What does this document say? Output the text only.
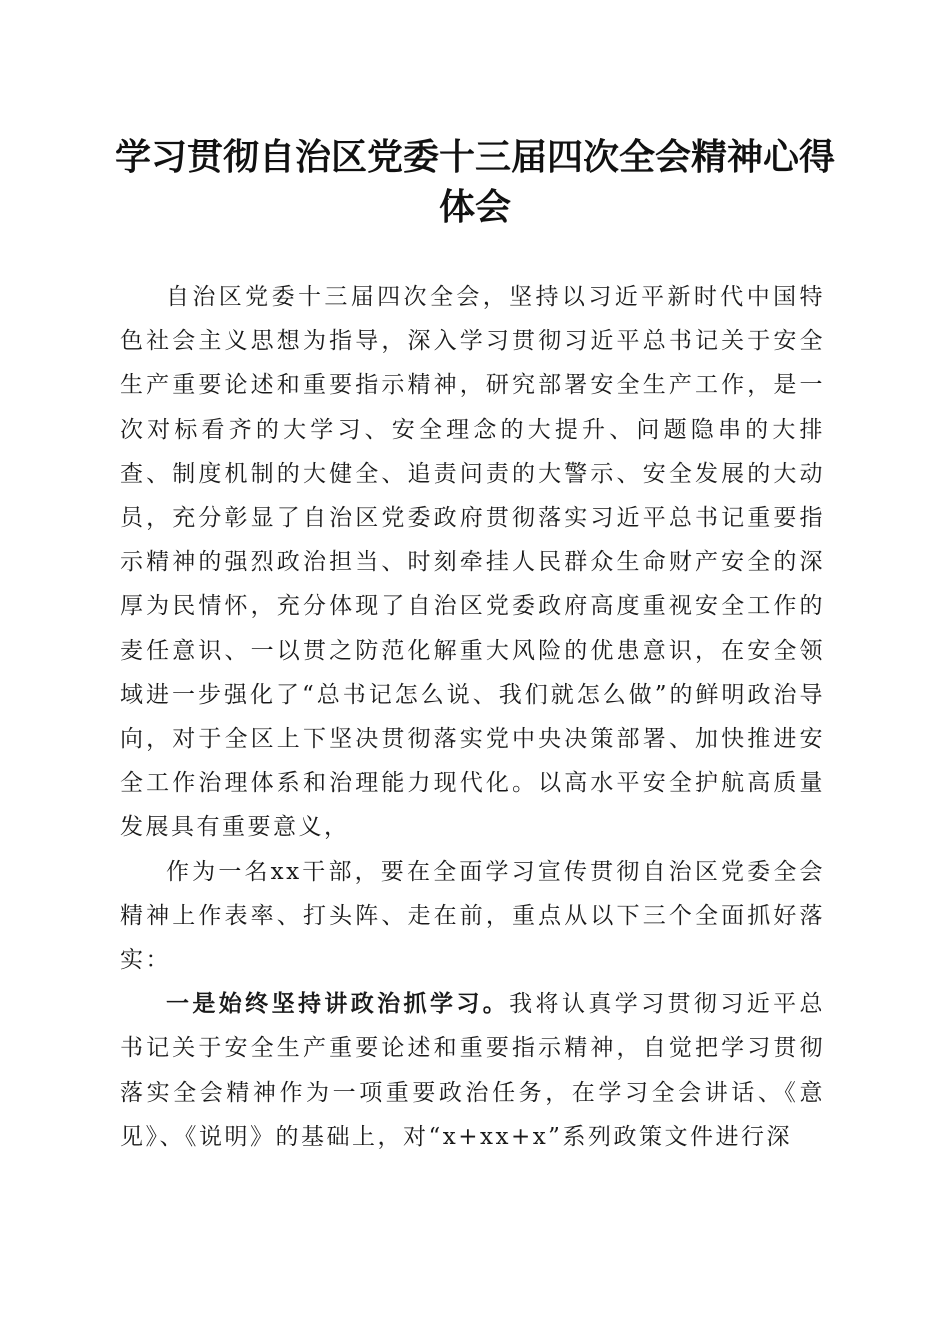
学习贯彻自治区党委十三届四次全会精神心得体会

自治区党委十三届四次全会，坚持以习近平新时代中国特色社会主义思想为指导，深入学习贯彻习近平总书记关于安全生产重要论述和重要指示精神，研究部署安全生产工作，是一次对标看齐的大学习、安全理念的大提升、问题隐串的大排查、制度机制的大健全、追责问责的大警示、安全发展的大动员，充分彰显了自治区党委政府贯彻落实习近平总书记重要指示精神的强烈政治担当、时刻牵挂人民群众生命财产安全的深厚为民情怀，充分体现了自治区党委政府高度重视安全工作的麦任意识、一以贯之防范化解重大风险的优患意识，在安全领域进一步强化了“总书记怎么说、我们就怎么做”的鲜明政治导向，对于全区上下坚决贯彻落实党中央决策部署、加快推进安全工作治理体系和治理能力现代化。以高水平安全护航高质量发展具有重要意义，

作为一名xx干部，要在全面学习宣传贯彻自治区党委全会精神上作表率、打头阵、走在前，重点从以下三个全面抓好落实：

一是始终坚持讲政治抓学习。我将认真学习贯彻习近平总书记关于安全生产重要论述和重要指示精神，自觉把学习贯彻落实全会精神作为一项重要政治任务，在学习全会讲话、《意见》、《说明》的基础上，对“x+xx+x”系列政策文件进行深
